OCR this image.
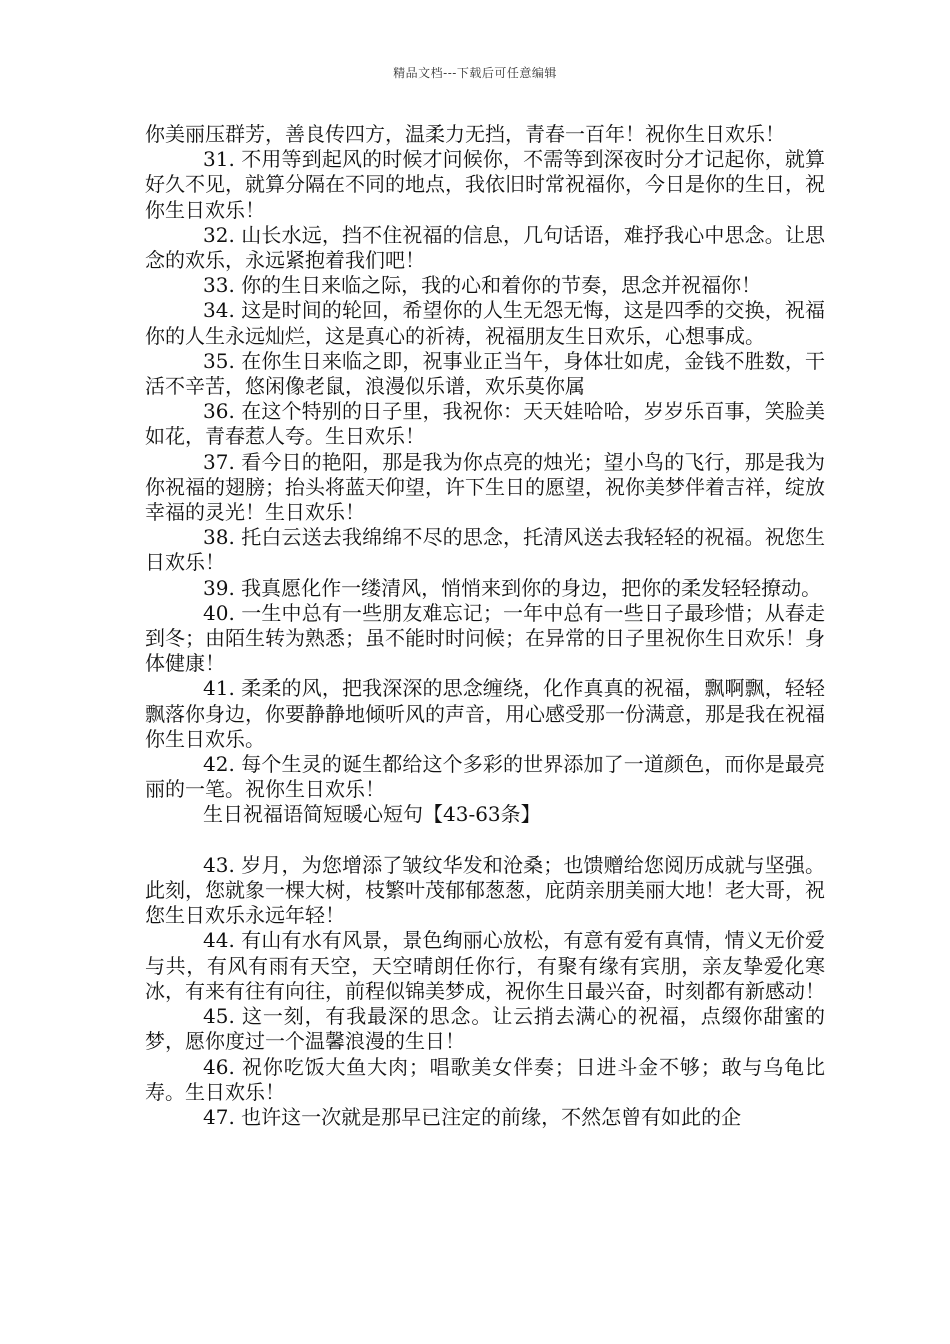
精品文档---下载后可任意编辑

你美丽压群芳，善良传四方，温柔力无挡，青春一百年！祝你生日欢乐！

31. 不用等到起风的时候才问候你，不需等到深夜时分才记起你，就算好久不见，就算分隔在不同的地点，我依旧时常祝福你，今日是你的生日，祝你生日欢乐！

32. 山长水远，挡不住祝福的信息，几句话语，难抒我心中思念。让思念的欢乐，永远紧抱着我们吧！

33. 你的生日来临之际，我的心和着你的节奏，思念并祝福你！

34. 这是时间的轮回，希望你的人生无怨无悔，这是四季的交换，祝福你的人生永远灿烂，这是真心的祈祷，祝福朋友生日欢乐，心想事成。

35. 在你生日来临之即，祝事业正当午，身体壮如虎，金钱不胜数，干活不辛苦，悠闲像老鼠，浪漫似乐谱，欢乐莫你属

36. 在这个特别的日子里，我祝你：天天娃哈哈，岁岁乐百事，笑脸美如花，青春惹人夸。生日欢乐！

37. 看今日的艳阳，那是我为你点亮的烛光；望小鸟的飞行，那是我为你祝福的翅膀；抬头将蓝天仰望，许下生日的愿望，祝你美梦伴着吉祥，绽放幸福的灵光！生日欢乐！

38. 托白云送去我绵绵不尽的思念，托清风送去我轻轻的祝福。祝您生日欢乐！

39. 我真愿化作一缕清风，悄悄来到你的身边，把你的柔发轻轻撩动。

40. 一生中总有一些朋友难忘记；一年中总有一些日子最珍惜；从春走到冬；由陌生转为熟悉；虽不能时时问候；在异常的日子里祝你生日欢乐！身体健康！

41. 柔柔的风，把我深深的思念缠绕，化作真真的祝福，飘啊飘，轻轻飘落你身边，你要静静地倾听风的声音，用心感受那一份满意，那是我在祝福你生日欢乐。

42. 每个生灵的诞生都给这个多彩的世界添加了一道颜色，而你是最亮丽的一笔。祝你生日欢乐！

生日祝福语简短暖心短句【43-63条】

43. 岁月，为您增添了皱纹华发和沧桑；也馈赠给您阅历成就与坚强。此刻，您就象一棵大树，枝繁叶茂郁郁葱葱，庇荫亲朋美丽大地！老大哥，祝您生日欢乐永远年轻！

44. 有山有水有风景，景色绚丽心放松，有意有爱有真情，情义无价爱与共，有风有雨有天空，天空晴朗任你行，有聚有缘有宾朋，亲友挚爱化寒冰，有来有往有向往，前程似锦美梦成，祝你生日最兴奋，时刻都有新感动！

45. 这一刻，有我最深的思念。让云捎去满心的祝福，点缀你甜蜜的梦，愿你度过一个温馨浪漫的生日！

46. 祝你吃饭大鱼大肉；唱歌美女伴奏；日进斗金不够；敢与乌龟比寿。生日欢乐！

47. 也许这一次就是那早已注定的前缘，不然怎曾有如此的企
